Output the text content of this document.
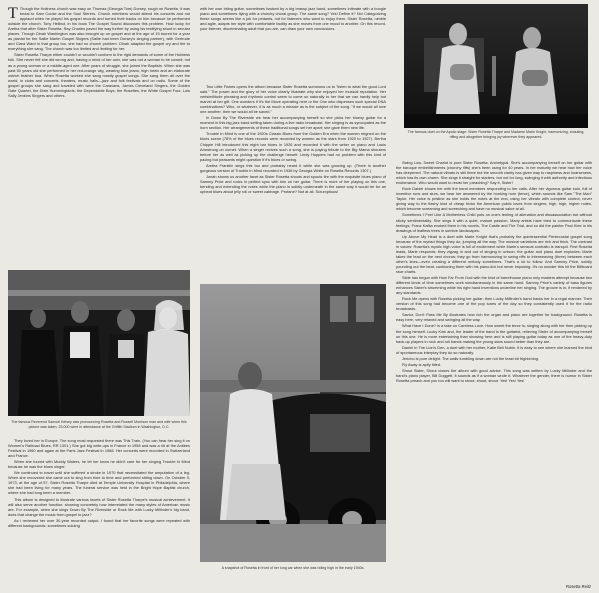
T Though the Holiness church was easy on Thomas (Georgia Tom) Dorsey, rough on Rosetta, it was brutal to Sam Cooke and the Soul Stirrers. Church members would attend his concerts and not applaud when he played his gospel records and turned their backs on him because he performed outside the church. Tony Heilbut, in his book The Gospel Sound discusses this problem. How lucky for Aretha that after Sister Rosetta, Ray Charles paved the way further by using his testifying shout in secular places. Though Dinah Washington was also brought up on gospel and at the age of 15 toured for a year as pianist for the Sallie Martin Gospel Singers (Sallie had been Dorsey's singing partner), with Gertrude and Clara Ward in that group too, she had no church problem. Dinah adapted the gospel cry and fire to everything she sang. The church was too limited and limiting for her.

Sister Rosetta Tharpe either couldn't or wouldn't conform to the rigid demands of some of the Holiness folk. She never felt she did wrong and, having a mind of her own, she was not a woman to be cowed; not as a young woman or a middle-aged one. After years of struggle, she joined the Baptists. When she was past 50 years old she performed in her red-orange wig, wearing blue jeans, high heels and an elaborate ostrich feather boa. When Rosetta worked she sang mostly gospel songs. She sang them all over the world, in clubs and concerts, theaters, music halls—jazz and folk festivals and on radio. Some of the gospel groups she sang and traveled with were the Caravans, James Cleveland Singers, the Golden Gate Quartet, the Dixie Hummingbirds, the Dependable Boys, the Rosettes, the White Gospel Four, Lois Sally Jenkins Singers and others.

with her own biting guitar, sometimes backed by a big brassy jazz band, sometimes intimate with a boogie piano and sometimes flying with a churchy choral group. The same song? Yes! Define it? No! Categorizing these songs seems like a job for pedants, not for listeners who want to enjoy them. Sister Rosetta, nimble and agile, adapts her style with comfortable facility as she moves from one mood to another. On this record, your listener, discriminating adult that you are, can draw your own conclusions.

Swing Low, Sweet Chariot is pure Sister Rosetta. Archetypal. She's accompanying herself on her guitar with the baroque embellishments (churchy riffs) she's been using for 40 years. In her maturity we hear how her voice has deepened. The natural vibrato is still there but the smooth clarity has given way to raspiness and hoarseness, which has its own charm. She sings it straight for starters, but not for long, swinging it with authority and infectious exuberance. Who would want to resist her preaching? Say it, Sister!

Rock Daniel shows her with the band members responding to her calls. After her vigorous guitar solo, full of inventive runs and slurs, we hear her answered by the honking horn (tenor), which sounds like Sam "The Man" Taylor. Her voice is pristine as she holds the notes at the end, using her vibrato with complete control, never giving way to the flashy kind of cheap tricks the American public loves from singers; high, high, higher notes, which become screaming and screeching and have no musical value at all.

Sometimes I Feel Like A Motherless Child puts on one's feeling of alienation and dissassociation but without sticky sentimentality. She sings it with a quiet, mature passion. Many artists have tried to communicate these feelings. Franz Kafka evoked them in his novels, The Castle and The Trial, and so did the painter Paul Klee in his drawings of leafless trees in sombre landscapes.

Up Above My Head is a duet with Marie Knight that's probably the quintessential Pentecostal gospel song because of the myriad things they do, jumping all the way. The musical variations are rich and thick. The contrast in voices: Rosetta's mystic high voice is full of excitement while Marie's sensual contralto is tranquil. First Rosetta leads, Marie responds; they zigzag in and out of singing in unison; the guitar and piano duet explodes; Marie takes the lead on the next chorus; they go from harmonizing to swing riffs to interweaving (three) between each other's lines—even creating a different melody sometimes. That's a lot to follow. And Sammy Price, solidly pounding out the beat, cushioning them with his piano-lick but never imposing. It's no wonder this hit the Billboard race charts.

Slide has begun with How Far From God with the kind of barrelhouse piano only masters attempt because two different kinds of time sometimes work simultaneously in the same hand. Sammy Price's variety of bass figures enhances Sister's strumming while his right hand inventions underline her singing. The groove is in, if rendered by any standards.

Rock Me opens with Rosetta picking her guitar; then Lucky Millinder's band backs her in a regal manner. Their version of this song had become one of the pop tunes of the day so they consistently used it for the radio broadcasts.

Savior, Don't Pass Me By illustrates how rich the organ and piano are together for background. Rosetta is easy here, very relaxed and swinging all the way.

What Have I Done? is a take on Careless Love. How sweet the tenor is, singing along with her then picking up the song himself. Lucky Kink and, the leader of the band is the guitarist, relieving Sister of accompanying herself on this one. He is more entertaining than showing here and is still playing guitar today as one of the heavy-duty back-up players in rock and roll bands making the young stars sound better than they are.

Daniel In The Lion's Den, a duet with her mother, Katie Bell Nubin. It is easy to see where she learned the kind of spontaneous interplay they do so naturally.

Jericho is pure delight. The walls tumbling down are not the least bit frightening.

Fly Away is aptly titled.

Shout Sister, Shout closes the album with good advice. This song was written by Lucky Millinder and the band's piano player, Bill Doggett. It sounds as if a woman wrote it. Whatever the gender, there is humor in Sister Rosetta preach and you too will want to shout, shout, shout. Yes! Yes! Yes!

Rosetta Reitz
The famous duet on the Apollo stage: Sister Rosetta Tharpe and Madame Marie Knight, harmonizing, shouting, riffing and altogether bringing joy wherever they appeared.
The famous Reverend Samuel Kelsey was pronouncing Rosetta and Russell Morrison man and wife when this picture was taken, 25,000 were in attendance at the Griffith Stadium in Washington, D.C.

They loved her in Europe. The song most requested there was This Train. (You can hear her sing it on Women's Railroad Blues, RR 1301.) She got big write-ups in France in 1958 and was a hit at the Antibes Festival in 1960 and again at the Paris Jazz Festival in 1968. Her concerts were recorded in Switzerland and France.

When she toured with Muddy Waters, he let her know he didn't care for her singing Trouble In Mind because he was the blues singer.

We continued to travel until she suffered a stroke in 1970 that necessitated the amputation of a leg. When she recovered she came out to sing from time to time and performed sitting down. On October 9, 1973, at the age of 57, Sister Rosetta Tharpe died at Temple University Hospital in Philadelphia, where she had been living for many years. The funeral service was held in the Bright Hope Baptist church, where she had long been a member.

This album is designed to illustrate various facets of Sister Rosetta Tharpe's musical achievement. It will also serve another function: showing concretely how interrelated the many styles of American music are. For example, when she sings Down By The Riverside or Rock Me with Lucky Millinder's big band, does that change the music from gospel to jazz?

As I reviewed her over 30-year recorded output, I found that her favorite songs were repeated with different backgrounds; sometimes soloing

Two Little Fishes opens the album because Sister Rosetta summons us to "listen to what the good Lord said." The power and the glory of her voice clearly illustrate why she enjoyed her musical reputation. Her verisimilitude phrasing and rhythmic control seem to come so naturally to her that we can hardly help but marvel at her gift. One wonders if it's the Move operating here or the One who dispenses such special DNA combinations? Who, or whatever, it is as much a miracle as is the subject of the song. "If we would all love one another, then we would all be saved."

In Down By The Riverside we hear her accompanying herself so she picks her bluesy guitar for a moment in this big jazz band setting taken during a live radio broadcast. Her singing is as syncopated as the horn section. Her arrangements of these traditional songs set her apart; she gave them new life.

Trouble In Mind is one of the 1920s Classic Blues from the Golden Era when the women reigned on the blues scene (78% of the blues records were recorded by women as the stars from 1920 to 1927). Bertha Chippie Hill introduced this eight bar blues in 1926 and recorded it with the writer on piano and Louis Armstrong on cornet. When a singer revives such a song, she is paying tribute to the Big Mama shouters before her as well as picking up the challenge herself. Lindy Hoppers had no problem with this kind of pacing but peasants might question if it's blues or swing.

Aretha Franklin sings this too and probably heard it while she was growing up. (There is another gorgeous version of Trouble In Mind recorded in 1936 by Georgia White on Rosetta Records 1307.)

Jonah shows us another facet as Sister Rosetta shouts and spouts fire with the exquisite blues piano of Sammy Price and rocks in perfect sync with him on her guitar. There is more of her playing on this one, bending and extending the notes while the piano is solidly underneath in the same way it would be for an upbeat blues about jelly roll or sweet cabbage. Profane? Not at all. Scrumptious!

A snapshot of Rosetta in front of her long car when she was riding high in the early 1940s.
